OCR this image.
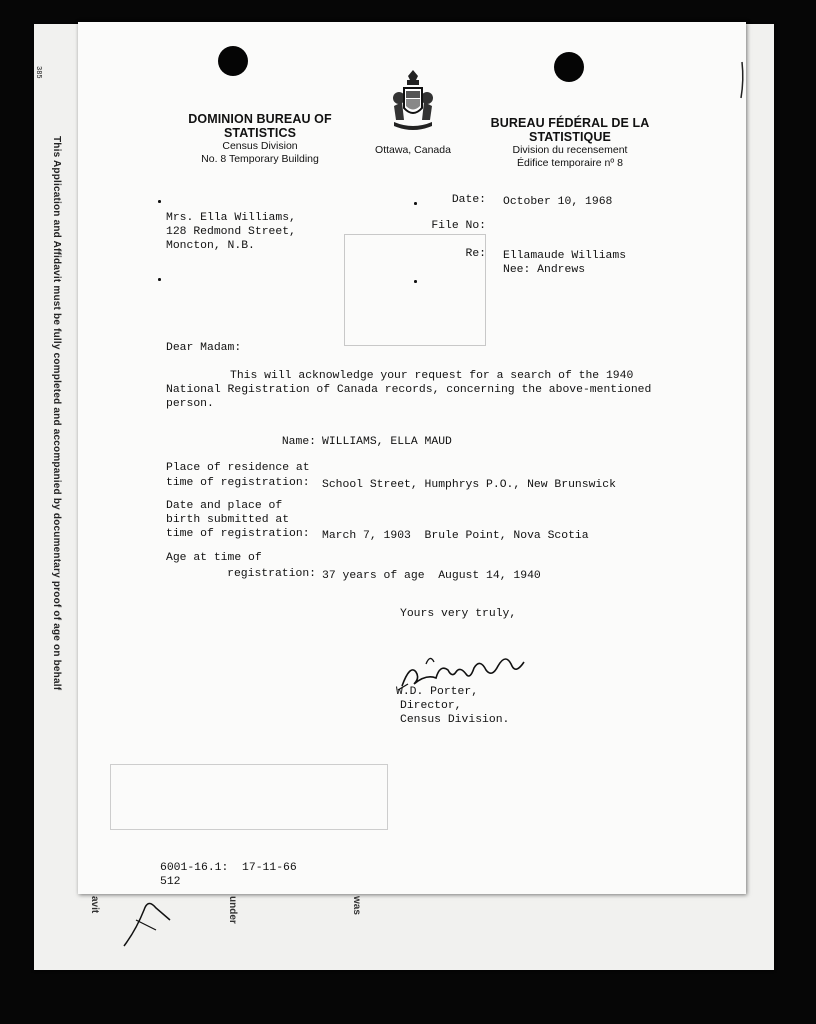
This Application and Affidavit must be fully completed and accompanied by documentary proof of age on behalf
385
avit	under	was
DOMINION BUREAU OF STATISTICS
Census Division
No. 8 Temporary Building
Ottawa, Canada
BUREAU FÉDÉRAL DE LA STATISTIQUE
Division du recensement
Édifice temporaire nº 8
Date: October 10, 1968
File No:
Re: Ellamaude Williams
Nee: Andrews
Mrs. Ella Williams,
128 Redmond Street,
Moncton, N.B.
Dear Madam:
This will acknowledge your request for a search of the 1940
National Registration of Canada records, concerning the above-mentioned
person.
Name: WILLIAMS, ELLA MAUD
Place of residence at
time of registration: School Street, Humphrys P.O., New Brunswick
Date and place of
birth submitted at
time of registration: March 7, 1903  Brule Point, Nova Scotia
Age at time of
registration: 37 years of age  August 14, 1940
Yours very truly,
W.D. Porter,
Director,
Census Division.
6001-16.1:  17-11-66
512
